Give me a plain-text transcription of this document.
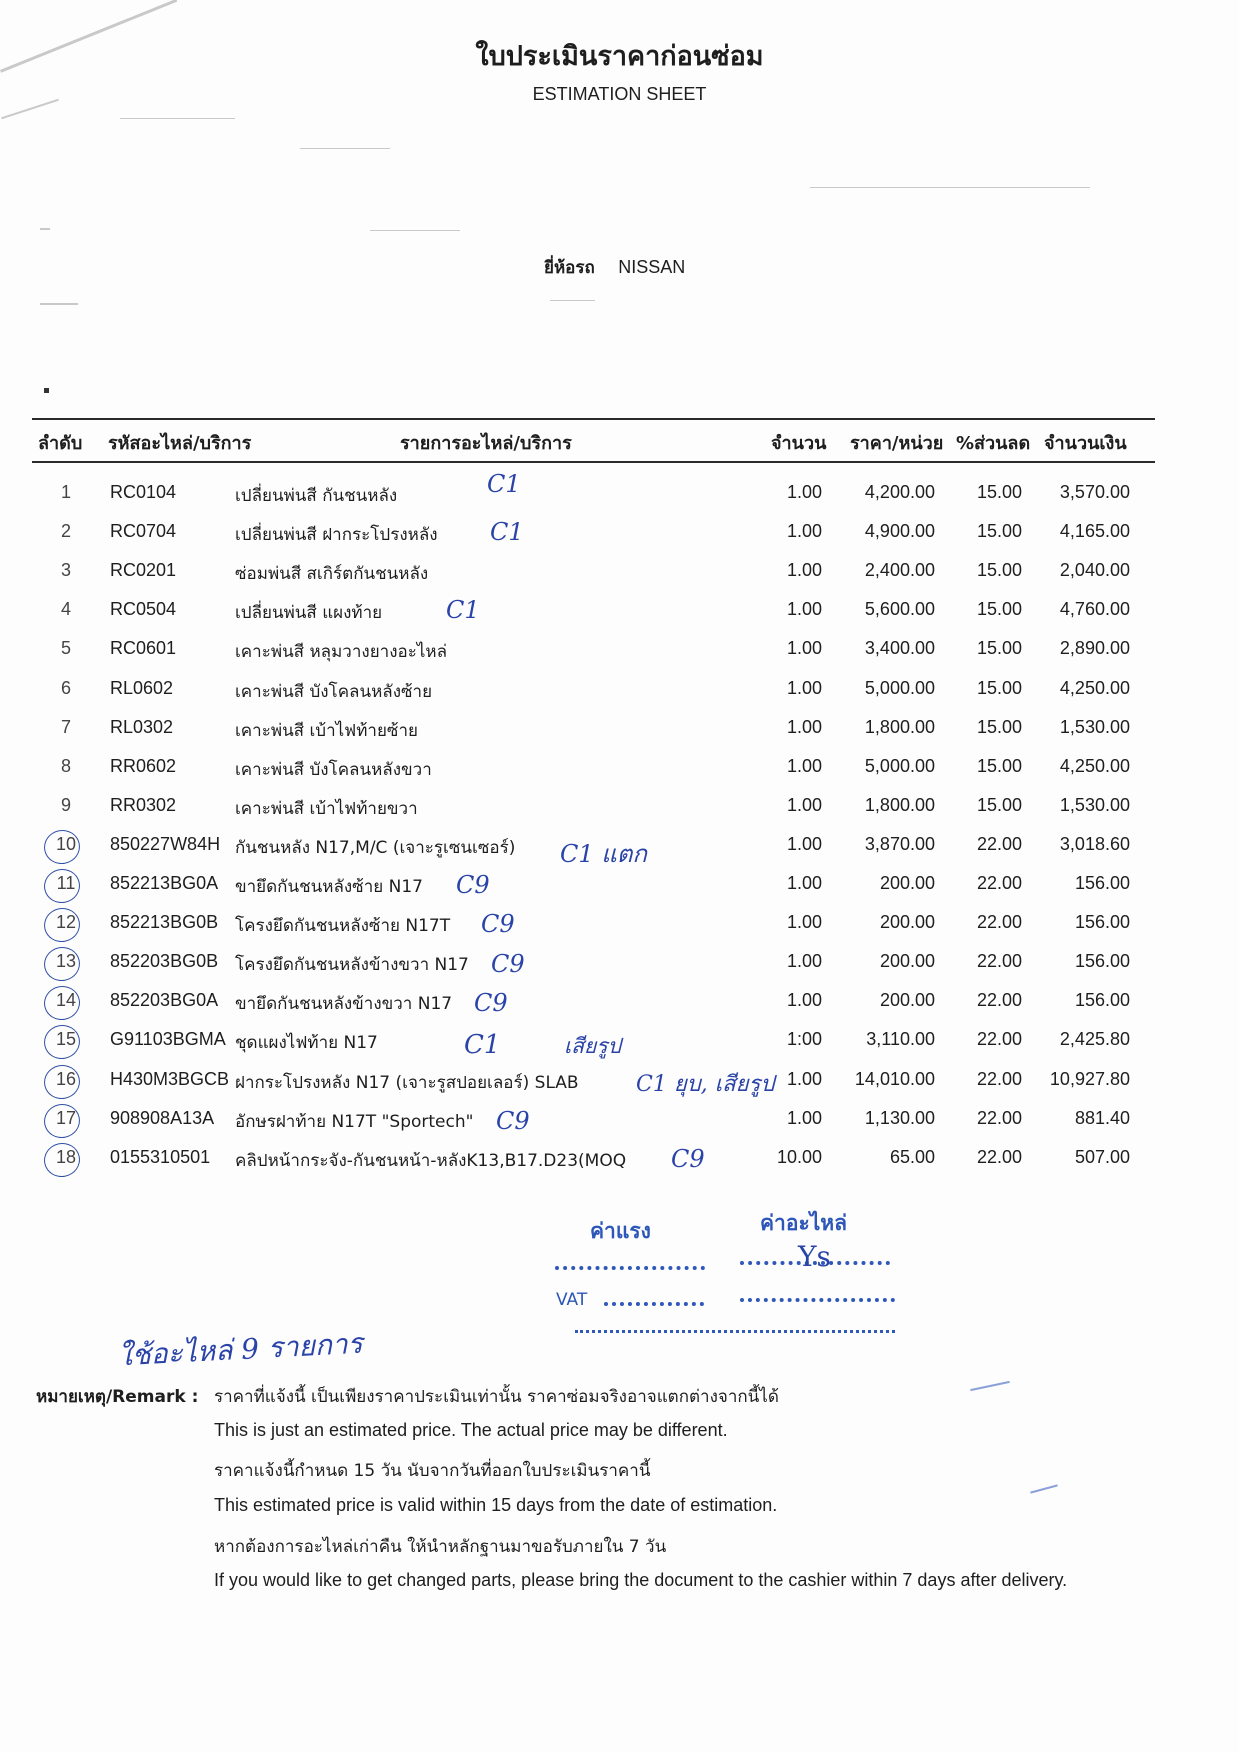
ใบประเมินราคาก่อนซ่อม
ESTIMATION SHEET
ยี่ห้อรถ NISSAN
ลำดับ รหัสอะไหล่/บริการ	รายการอะไหล่/บริการ	จำนวน ราคา/หน่วย %ส่วนลด จำนวนเงิน
1	RC0104	เปลี่ยนพ่นสี กันชนหลัง	1.00	4,200.00	15.00	3,570.00
2	RC0704	เปลี่ยนพ่นสี ฝากระโปรงหลัง	1.00	4,900.00	15.00	4,165.00
3	RC0201	ซ่อมพ่นสี สเกิร์ตกันชนหลัง	1.00	2,400.00	15.00	2,040.00
4	RC0504	เปลี่ยนพ่นสี แผงท้าย	1.00	5,600.00	15.00	4,760.00
5	RC0601	เคาะพ่นสี หลุมวางยางอะไหล่	1.00	3,400.00	15.00	2,890.00
6	RL0602	เคาะพ่นสี บังโคลนหลังซ้าย	1.00	5,000.00	15.00	4,250.00
7	RL0302	เคาะพ่นสี เบ้าไฟท้ายซ้าย	1.00	1,800.00	15.00	1,530.00
8	RR0602	เคาะพ่นสี บังโคลนหลังขวา	1.00	5,000.00	15.00	4,250.00
9	RR0302	เคาะพ่นสี เบ้าไฟท้ายขวา	1.00	1,800.00	15.00	1,530.00
10	850227W84H กันชนหลัง N17,M/C (เจาะรูเซนเซอร์)	1.00	3,870.00	22.00	3,018.60
11	852213BG0A ขายึดกันชนหลังซ้าย N17	1.00	200.00	22.00	156.00
12	852213BG0B โครงยึดกันชนหลังซ้าย N17T	1.00	200.00	22.00	156.00
13	852203BG0B โครงยึดกันชนหลังข้างขวา N17	1.00	200.00	22.00	156.00
14	852203BG0A ขายึดกันชนหลังข้างขวา N17	1.00	200.00	22.00	156.00
15	G91103BGMA ชุดแผงไฟท้าย N17	1:00	3,110.00	22.00	2,425.80
16	H430M3BGCB ฝากระโปรงหลัง N17 (เจาะรูสปอยเลอร์) SLAB	1.00	14,010.00	22.00	10,927.80
17	908908A13A อักษรฝาท้าย N17T "Sportech"	1.00	1,130.00	22.00	881.40
18	0155310501 คลิปหน้ากระจัง-กันชนหน้า-หลังK13,B17.D23(MOQ	10.00	65.00	22.00	507.00
C1
C1
C1
C1 แตก
C9
C9
C9
C9
C1	เสียรูป
C1 ยุบ, เสียรูป
C9
C9
ใช้อะไหล่ 9 รายการ
ค่าแรง	ค่าอะไหล่
Ys
VAT
หมายเหตุ/Remark : ราคาที่แจ้งนี้ เป็นเพียงราคาประเมินเท่านั้น ราคาซ่อมจริงอาจแตกต่างจากนี้ได้
This is just an estimated price. The actual price may be different.
ราคาแจ้งนี้กำหนด 15 วัน นับจากวันที่ออกใบประเมินราคานี้
This estimated price is valid within 15 days from the date of estimation.
หากต้องการอะไหล่เก่าคืน ให้นำหลักฐานมาขอรับภายใน 7 วัน
If you would like to get changed parts, please bring the document to the cashier within 7 days after delivery.
